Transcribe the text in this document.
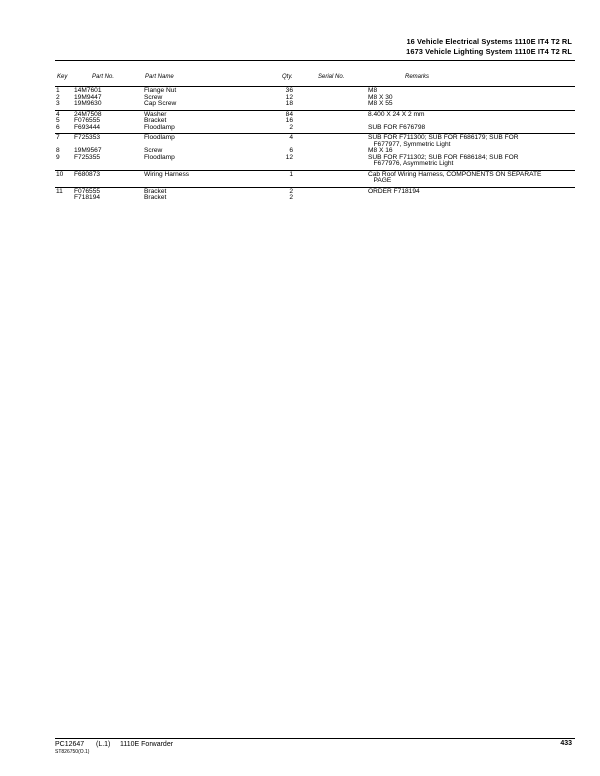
16 Vehicle Electrical Systems 1110E IT4 T2 RL
1673 Vehicle Lighting System 1110E IT4 T2 RL
Key	Part No.	Part Name	Qty.	Serial No.	Remarks
1 14M7601	Flange Nut	36	M8
2 19M9447	Screw	12	M8 X 30
3 19M9630	Cap Screw	18	M8 X 55
4 24M7508	Washer	84	8.400 X 24 X 2 mm
5 F076555	Bracket	16
6 F693444	Floodlamp	2	SUB FOR F676798
7 F725353	Floodlamp	4	SUB FOR F711300; SUB FOR F686179; SUB FOR
F677977, Symmetric Light
8 19M9567	Screw	6	M8 X 16
9 F725355	Floodlamp	12	SUB FOR F711302; SUB FOR F686184; SUB FOR
F677976, Asymmetric Light
10 F680873	Wiring Harness	1	Cab Roof Wiring Harness, COMPONENTS ON SEPARATE
PAGE
11 F076555	Bracket	2	ORDER F718194
F718194	Bracket	2
PC12647 (L.1) 1110E Forwarder
ST826750(O.1)
433
